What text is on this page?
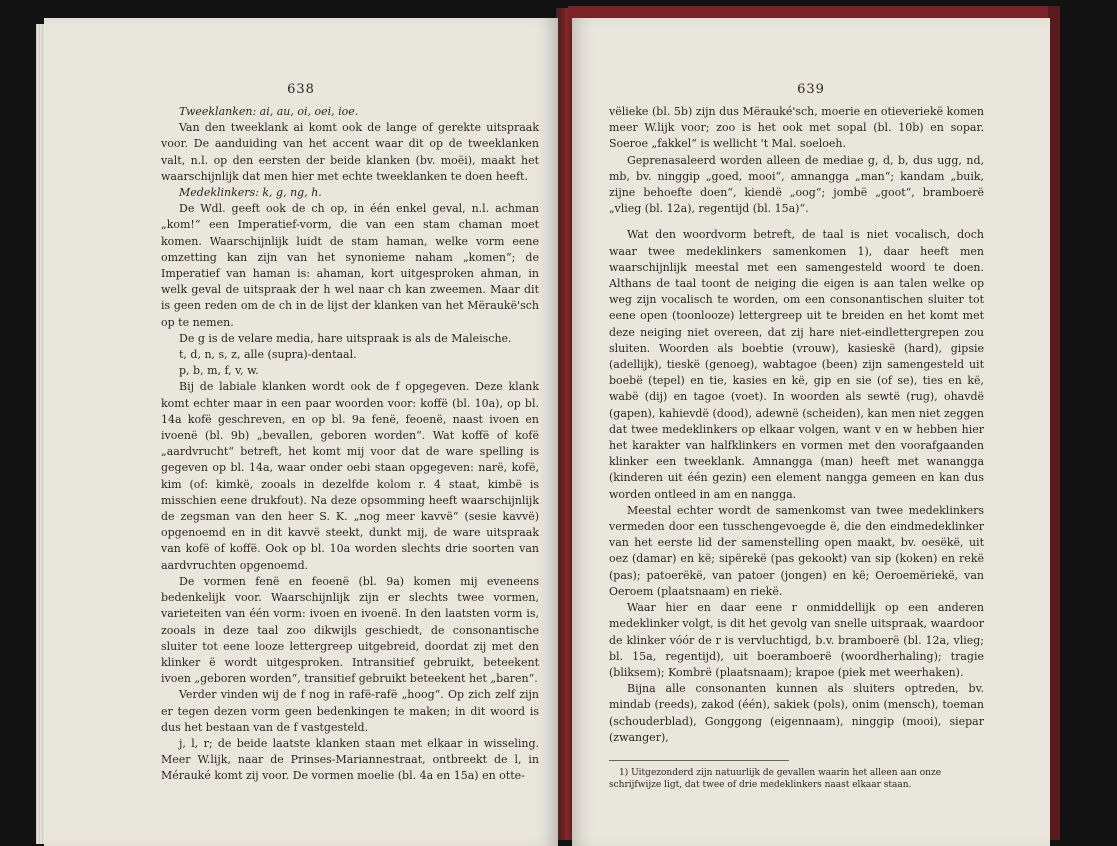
638

Tweeklanken: ai, au, oi, oei, ioe.

Van den tweeklank ai komt ook de lange of gerekte uitspraak voor. De aanduiding van het accent waar dit op de tweeklanken valt, n.l. op den eersten der beide klanken (bv. moëi), maakt het waarschijnlijk dat men hier met echte tweeklanken te doen heeft.

Medeklinkers: k, g, ng, h.

De Wdl. geeft ook de ch op, in één enkel geval, n.l. achman „kom!“ een Imperatief-vorm, die van een stam chaman moet komen. Waarschijnlijk luidt de stam haman, welke vorm eene omzetting kan zijn van het synonieme naham „komen“; de Imperatief van haman is: ahaman, kort uitgesproken ahman, in welk geval de uitspraak der h wel naar ch kan zweemen. Maar dit is geen reden om de ch in de lijst der klanken van het Mëraukë'sch op te nemen.

De g is de velare media, hare uitspraak is als de Maleische.

t, d, n, s, z, alle (supra)-dentaal.

p, b, m, f, v, w.

Bij de labiale klanken wordt ook de f opgegeven. Deze klank komt echter maar in een paar woorden voor: koffë (bl. 10a), op bl. 14a kofë geschreven, en op bl. 9a fenë, feoenë, naast ivoen en ivoenë (bl. 9b) „bevallen, geboren worden“. Wat koffë of kofë „aardvrucht“ betreft, het komt mij voor dat de ware spelling is gegeven op bl. 14a, waar onder oebi staan opgegeven: narë, kofë, kim (of: kimkë, zooals in dezelfde kolom r. 4 staat, kimbë is misschien eene drukfout). Na deze opsomming heeft waarschijnlijk de zegsman van den heer S. K. „nog meer kavvë“ (sesie kavvë) opgenoemd en in dit kavvë steekt, dunkt mij, de ware uitspraak van kofë of koffë. Ook op bl. 10a worden slechts drie soorten van aardvruchten opgenoemd.

De vormen fenë en feoenë (bl. 9a) komen mij eveneens bedenkelijk voor. Waarschijnlijk zijn er slechts twee vormen, varieteiten van één vorm: ivoen en ivoenë. In den laatsten vorm is, zooals in deze taal zoo dikwijls geschiedt, de consonantische sluiter tot eene looze lettergreep uitgebreid, doordat zij met den klinker ë wordt uitgesproken. Intransitief gebruikt, beteekent ivoen „geboren worden“, transitief gebruikt beteekent het „baren“.

Verder vinden wij de f nog in rafë-rafë „hoog“. Op zich zelf zijn er tegen dezen vorm geen bedenkingen te maken; in dit woord is dus het bestaan van de f vastgesteld.

j, l, r; de beide laatste klanken staan met elkaar in wisseling. Meer W.lijk, naar de Prinses-Mariannestraat, ontbreekt de l, in Mérauké komt zij voor. De vormen moelie (bl. 4a en 15a) en otte-

639

vëlieke (bl. 5b) zijn dus Mërauké'sch, moerie en otieveriekë komen meer W.lijk voor; zoo is het ook met sopal (bl. 10b) en sopar. Soeroe „fakkel“ is wellicht 't Mal. soeloeh.

Geprenasaleerd worden alleen de mediae g, d, b, dus ugg, nd, mb, bv. ninggip „goed, mooi“, amnangga „man“; kandam „buik, zijne behoefte doen“, kiendë „oog“; jombë „goot“, bramboerë „vlieg (bl. 12a), regentijd (bl. 15a)“.

Wat den woordvorm betreft, de taal is niet vocalisch, doch waar twee medeklinkers samenkomen 1), daar heeft men waarschijnlijk meestal met een samengesteld woord te doen. Althans de taal toont de neiging die eigen is aan talen welke op weg zijn vocalisch te worden, om een consonantischen sluiter tot eene open (toonlooze) lettergreep uit te breiden en het komt met deze neiging niet overeen, dat zij hare niet-eindlettergrepen zou sluiten. Woorden als boebtie (vrouw), kasieskë (hard), gipsie (adellijk), tieskë (genoeg), wabtagoe (been) zijn samengesteld uit boebë (tepel) en tie, kasies en kë, gip en sie (of se), ties en kë, wabë (dij) en tagoe (voet). In woorden als sewtë (rug), ohavdë (gapen), kahievdë (dood), adewnë (scheiden), kan men niet zeggen dat twee medeklinkers op elkaar volgen, want v en w hebben hier het karakter van halfklinkers en vormen met den voorafgaanden klinker een tweeklank. Amnangga (man) heeft met wanangga (kinderen uit één gezin) een element nangga gemeen en kan dus worden ontleed in am en nangga.

Meestal echter wordt de samenkomst van twee medeklinkers vermeden door een tusschengevoegde ë, die den eindmedeklinker van het eerste lid der samenstelling open maakt, bv. oesëkë, uit oez (damar) en kë; sipërekë (pas gekookt) van sip (koken) en rekë (pas); patoerëkë, van patoer (jongen) en kë; Oeroemëriekë, van Oeroem (plaatsnaam) en riekë.

Waar hier en daar eene r onmiddellijk op een anderen medeklinker volgt, is dit het gevolg van snelle uitspraak, waardoor de klinker vóór de r is vervluchtigd, b.v. bramboerë (bl. 12a, vlieg; bl. 15a, regentijd), uit boeramboerë (woordherhaling); tragie (bliksem); Kombrë (plaatsnaam); krapoe (piek met weerhaken).

Bijna alle consonanten kunnen als sluiters optreden, bv. mindab (reeds), zakod (één), sakiek (pols), onim (mensch), toeman (schouderblad), Gonggong (eigennaam), ninggip (mooi), siepar (zwanger),

1) Uitgezonderd zijn natuurlijk de gevallen waarin het alleen aan onze schrijfwijze ligt, dat twee of drie medeklinkers naast elkaar staan.
